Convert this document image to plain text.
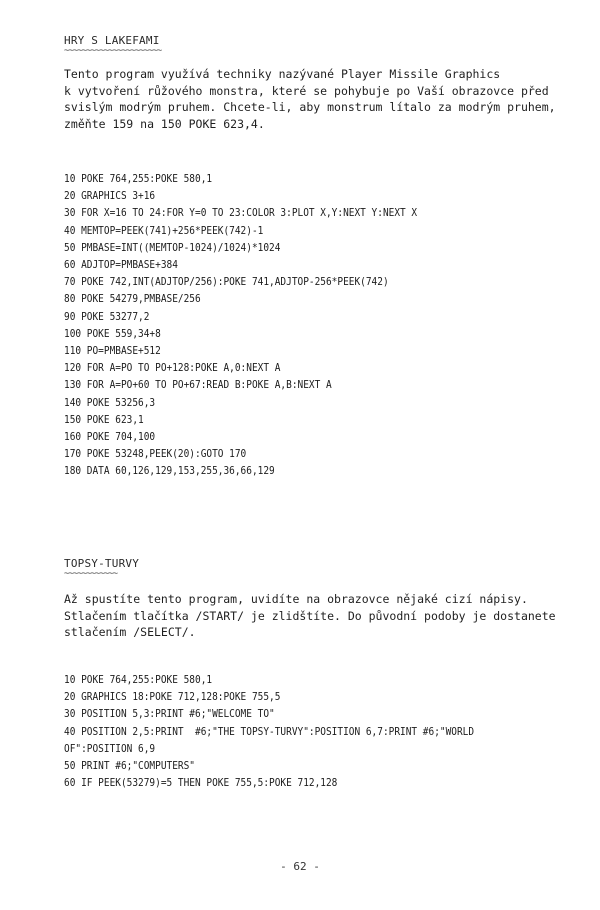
HRY S LAKEFAMI
~~~~~~~~~~~~~~~~~~~~~~

Tento program využívá techniky nazývané Player Missile Graphics

k vytvoření růžového monstra, které se pohybuje po Vaší obrazovce před

svislým modrým pruhem. Chcete-li, aby monstrum lítalo za modrým pruhem,

změňte 159 na 150 POKE 623,4.

10 POKE 764,255:POKE 580,1
20 GRAPHICS 3+16
30 FOR X=16 TO 24:FOR Y=0 TO 23:COLOR 3:PLOT X,Y:NEXT Y:NEXT X
40 MEMTOP=PEEK(741)+256*PEEK(742)-1
50 PMBASE=INT((MEMTOP-1024)/1024)*1024
60 ADJTOP=PMBASE+384
70 POKE 742,INT(ADJTOP/256):POKE 741,ADJTOP-256*PEEK(742)
80 POKE 54279,PMBASE/256
90 POKE 53277,2
100 POKE 559,34+8
110 PO=PMBASE+512
120 FOR A=PO TO PO+128:POKE A,0:NEXT A
130 FOR A=PO+60 TO PO+67:READ B:POKE A,B:NEXT A
140 POKE 53256,3
150 POKE 623,1
160 POKE 704,100
170 POKE 53248,PEEK(20):GOTO 170
180 DATA 60,126,129,153,255,36,66,129
TOPSY-TURVY
~~~~~~~~~~~~

Až spustíte tento program, uvidíte na obrazovce nějaké cizí nápisy.

Stlačením tlačítka /START/ je zlidštíte. Do původní podoby je dostanete

stlačením /SELECT/.

10 POKE 764,255:POKE 580,1
20 GRAPHICS 18:POKE 712,128:POKE 755,5
30 POSITION 5,3:PRINT #6;"WELCOME TO"
40 POSITION 2,5:PRINT  #6;"THE TOPSY-TURVY":POSITION 6,7:PRINT #6;"WORLD
OF":POSITION 6,9
50 PRINT #6;"COMPUTERS"
60 IF PEEK(53279)=5 THEN POKE 755,5:POKE 712,128
- 62 -
